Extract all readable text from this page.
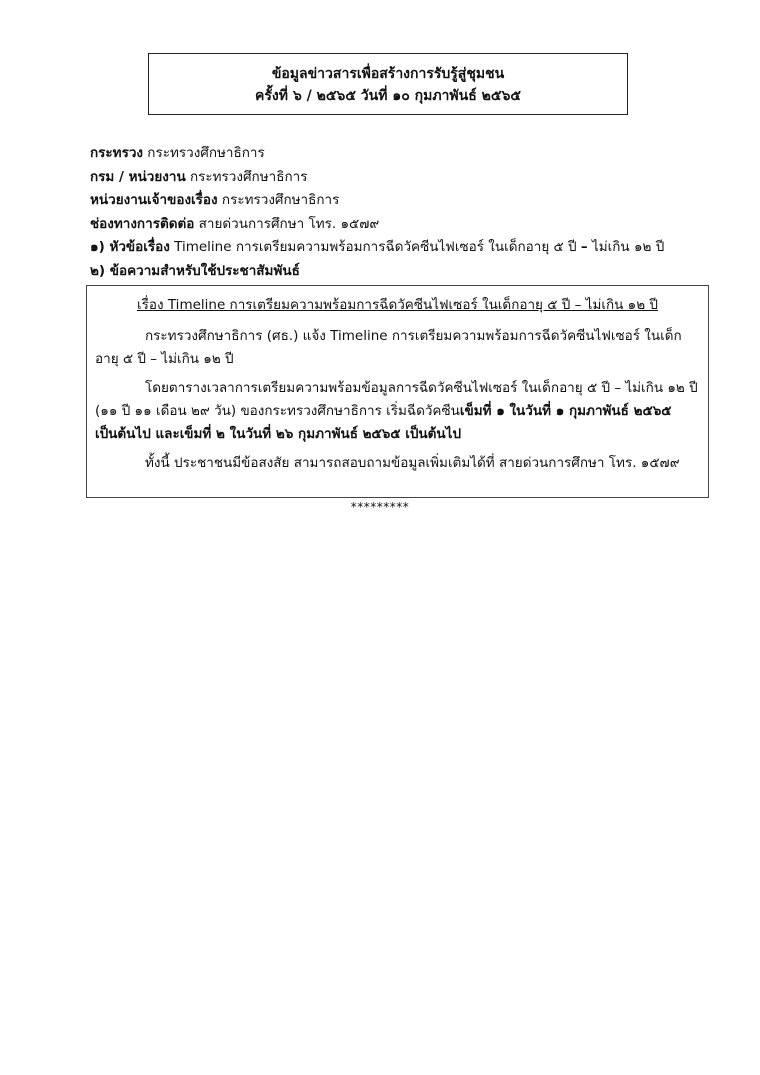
ข้อมูลข่าวสารเพื่อสร้างการรับรู้สู่ชุมชน
ครั้งที่ ๖ / ๒๕๖๕ วันที่ ๑๐ กุมภาพันธ์ ๒๕๖๕
กระทรวง กระทรวงศึกษาธิการ
กรม / หน่วยงาน กระทรวงศึกษาธิการ
หน่วยงานเจ้าของเรื่อง กระทรวงศึกษาธิการ
ช่องทางการติดต่อ สายด่วนการศึกษา โทร. ๑๕๗๙
๑) หัวข้อเรื่อง Timeline การเตรียมความพร้อมการฉีดวัคซีนไฟเซอร์ ในเด็กอายุ ๕ ปี – ไม่เกิน ๑๒ ปี
๒) ข้อความสำหรับใช้ประชาสัมพันธ์

เรื่อง Timeline การเตรียมความพร้อมการฉีดวัคซีนไฟเซอร์ ในเด็กอายุ ๕ ปี – ไม่เกิน ๑๒ ปี

กระทรวงศึกษาธิการ (ศธ.) แจ้ง Timeline การเตรียมความพร้อมการฉีดวัคซีนไฟเซอร์ ในเด็กอายุ ๕ ปี – ไม่เกิน ๑๒ ปี

โดยตารางเวลาการเตรียมความพร้อมข้อมูลการฉีดวัคซีนไฟเซอร์ ในเด็กอายุ ๕ ปี – ไม่เกิน ๑๒ ปี (๑๑ ปี ๑๑ เดือน ๒๙ วัน) ของกระทรวงศึกษาธิการ เริ่มฉีดวัคซีนเข็มที่ ๑ ในวันที่ ๑ กุมภาพันธ์ ๒๕๖๕ เป็นต้นไป และเข็มที่ ๒ ในวันที่ ๒๖ กุมภาพันธ์ ๒๕๖๕ เป็นต้นไป

ทั้งนี้ ประชาชนมีข้อสงสัย สามารถสอบถามข้อมูลเพิ่มเติมได้ที่ สายด่วนการศึกษา โทร. ๑๕๗๙

*********
